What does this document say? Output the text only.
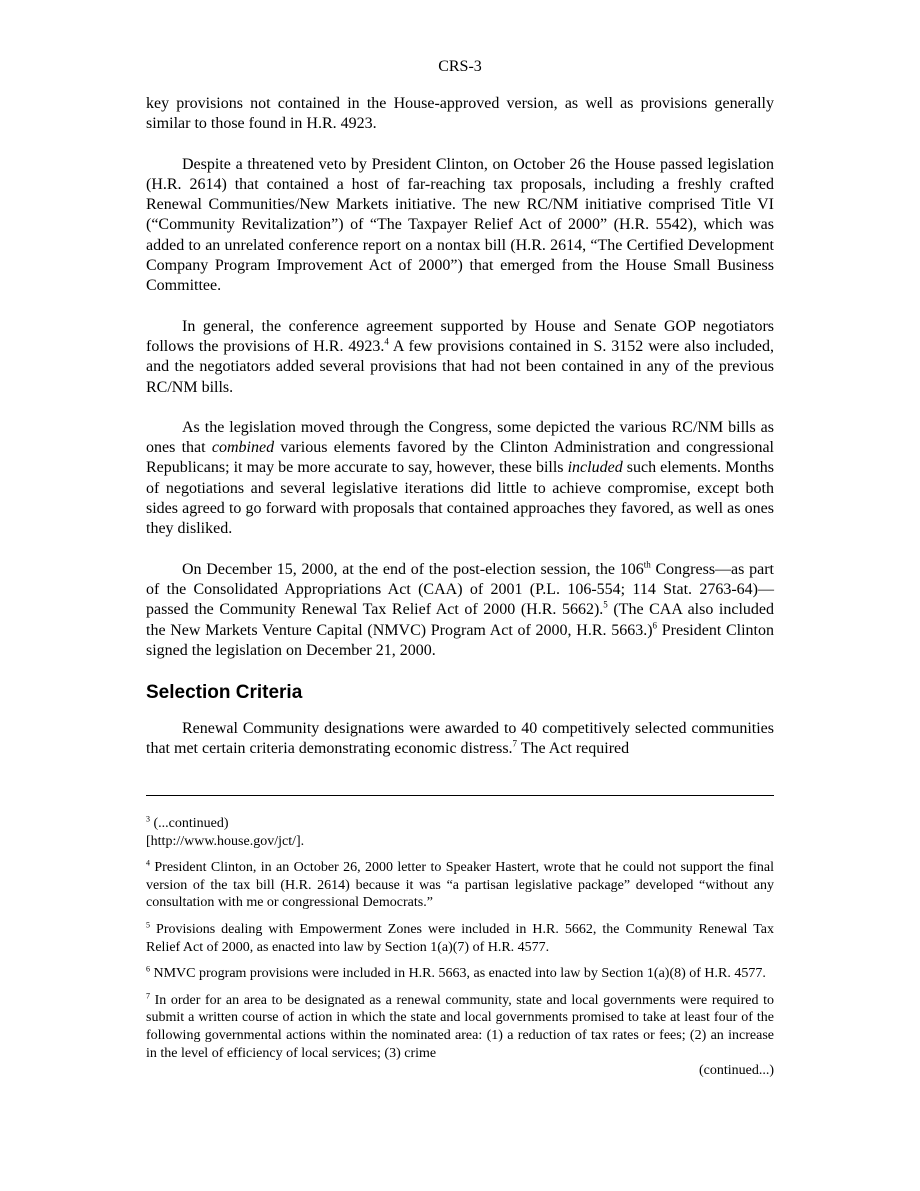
CRS-3

key provisions not contained in the House-approved version, as well as provisions generally similar to those found in H.R. 4923.

Despite a threatened veto by President Clinton, on October 26 the House passed legislation (H.R. 2614) that contained a host of far-reaching tax proposals, including a freshly crafted Renewal Communities/New Markets initiative. The new RC/NM initiative comprised Title VI (“Community Revitalization”) of “The Taxpayer Relief Act of 2000” (H.R. 5542), which was added to an unrelated conference report on a nontax bill (H.R. 2614, “The Certified Development Company Program Improvement Act of 2000”) that emerged from the House Small Business Committee.

In general, the conference agreement supported by House and Senate GOP negotiators follows the provisions of H.R. 4923.$^4$ A few provisions contained in S. 3152 were also included, and the negotiators added several provisions that had not been contained in any of the previous RC/NM bills.

As the legislation moved through the Congress, some depicted the various RC/NM bills as ones that combined various elements favored by the Clinton Administration and congressional Republicans; it may be more accurate to say, however, these bills included such elements. Months of negotiations and several legislative iterations did little to achieve compromise, except both sides agreed to go forward with proposals that contained approaches they favored, as well as ones they disliked.

On December 15, 2000, at the end of the post-election session, the 106th Congress—as part of the Consolidated Appropriations Act (CAA) of 2001 (P.L. 106-554; 114 Stat. 2763-64)—passed the Community Renewal Tax Relief Act of 2000 (H.R. 5662).$^5$ (The CAA also included the New Markets Venture Capital (NMVC) Program Act of 2000, H.R. 5663.)$^6$ President Clinton signed the legislation on December 21, 2000.

Selection Criteria

Renewal Community designations were awarded to 40 competitively selected communities that met certain criteria demonstrating economic distress.$^7$ The Act required

$^3$ (...continued)
[http://www.house.gov/jct/].

$^4$ President Clinton, in an October 26, 2000 letter to Speaker Hastert, wrote that he could not support the final version of the tax bill (H.R. 2614) because it was “a partisan legislative package” developed “without any consultation with me or congressional Democrats.”

$^5$ Provisions dealing with Empowerment Zones were included in H.R. 5662, the Community Renewal Tax Relief Act of 2000, as enacted into law by Section 1(a)(7) of H.R. 4577.

$^6$ NMVC program provisions were included in H.R. 5663, as enacted into law by Section 1(a)(8) of H.R. 4577.

$^7$ In order for an area to be designated as a renewal community, state and local governments were required to submit a written course of action in which the state and local governments promised to take at least four of the following governmental actions within the nominated area: (1) a reduction of tax rates or fees; (2) an increase in the level of efficiency of local services; (3) crime

(continued...)
